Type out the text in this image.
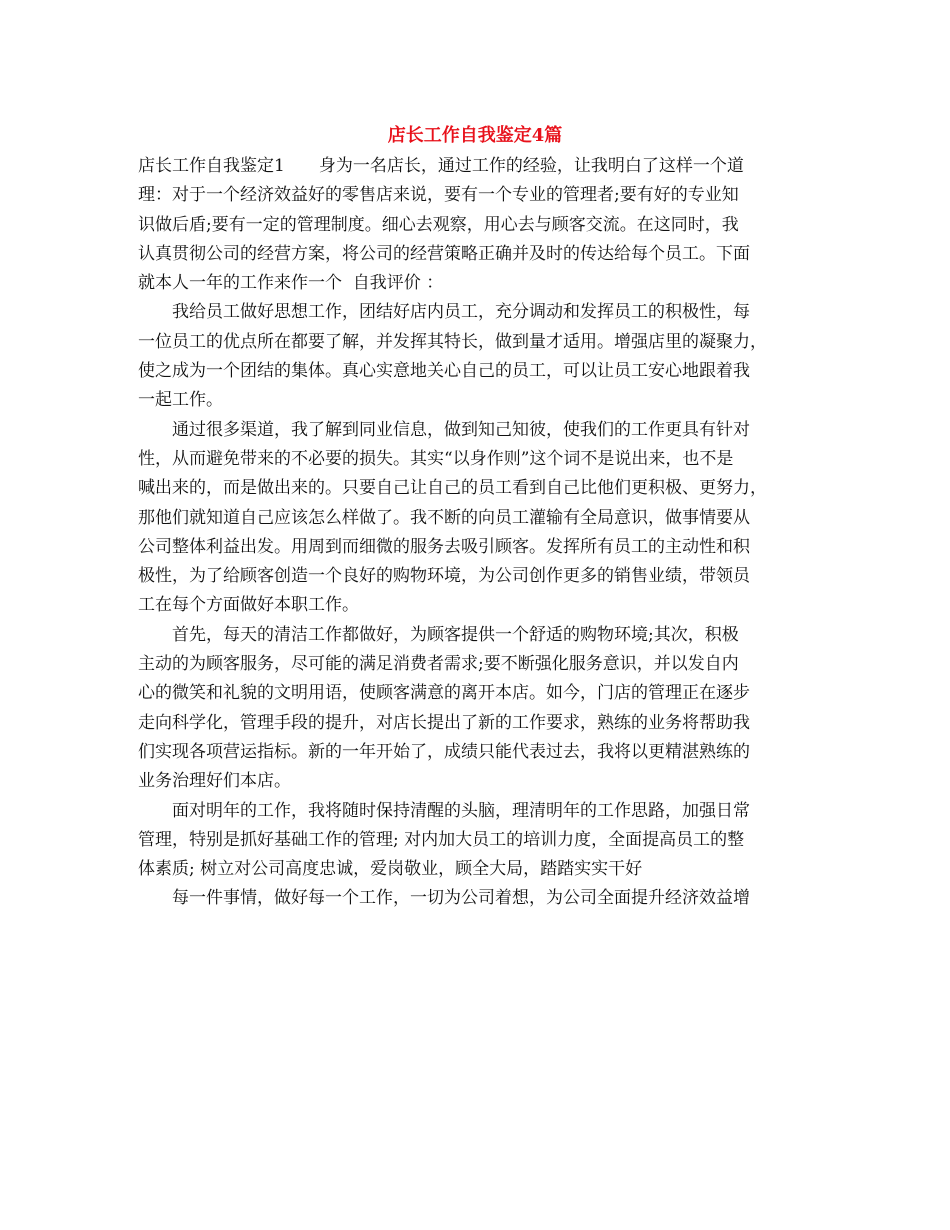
店长工作自我鉴定4篇
店长工作自我鉴定1　　身为一名店长，通过工作的经验，让我明白了这样一个道
理：对于一个经济效益好的零售店来说，要有一个专业的管理者;要有好的专业知
识做后盾;要有一定的管理制度。细心去观察，用心去与顾客交流。在这同时，我
认真贯彻公司的经营方案，将公司的经营策略正确并及时的传达给每个员工。下面
就本人一年的工作来作一个  自我评价 ：
　　我给员工做好思想工作，团结好店内员工，充分调动和发挥员工的积极性，每
一位员工的优点所在都要了解，并发挥其特长，做到量才适用。增强店里的凝聚力，
使之成为一个团结的集体。真心实意地关心自己的员工，可以让员工安心地跟着我
一起工作。
　　通过很多渠道，我了解到同业信息，做到知己知彼，使我们的工作更具有针对
性，从而避免带来的不必要的损失。其实“以身作则”这个词不是说出来，也不是
喊出来的，而是做出来的。只要自己让自己的员工看到自己比他们更积极、更努力，
那他们就知道自己应该怎么样做了。我不断的向员工灌输有全局意识，做事情要从
公司整体利益出发。用周到而细微的服务去吸引顾客。发挥所有员工的主动性和积
极性，为了给顾客创造一个良好的购物环境，为公司创作更多的销售业绩，带领员
工在每个方面做好本职工作。
　　首先，每天的清洁工作都做好，为顾客提供一个舒适的购物环境;其次，积极
主动的为顾客服务，尽可能的满足消费者需求;要不断强化服务意识，并以发自内
心的微笑和礼貌的文明用语，使顾客满意的离开本店。如今，门店的管理正在逐步
走向科学化，管理手段的提升，对店长提出了新的工作要求，熟练的业务将帮助我
们实现各项营运指标。新的一年开始了，成绩只能代表过去，我将以更精湛熟练的
业务治理好们本店。
　　面对明年的工作，我将随时保持清醒的头脑，理清明年的工作思路，加强日常
管理，特别是抓好基础工作的管理; 对内加大员工的培训力度，全面提高员工的整
体素质; 树立对公司高度忠诚，爱岗敬业，顾全大局，踏踏实实干好
　　每一件事情，做好每一个工作，一切为公司着想，为公司全面提升经济效益增
